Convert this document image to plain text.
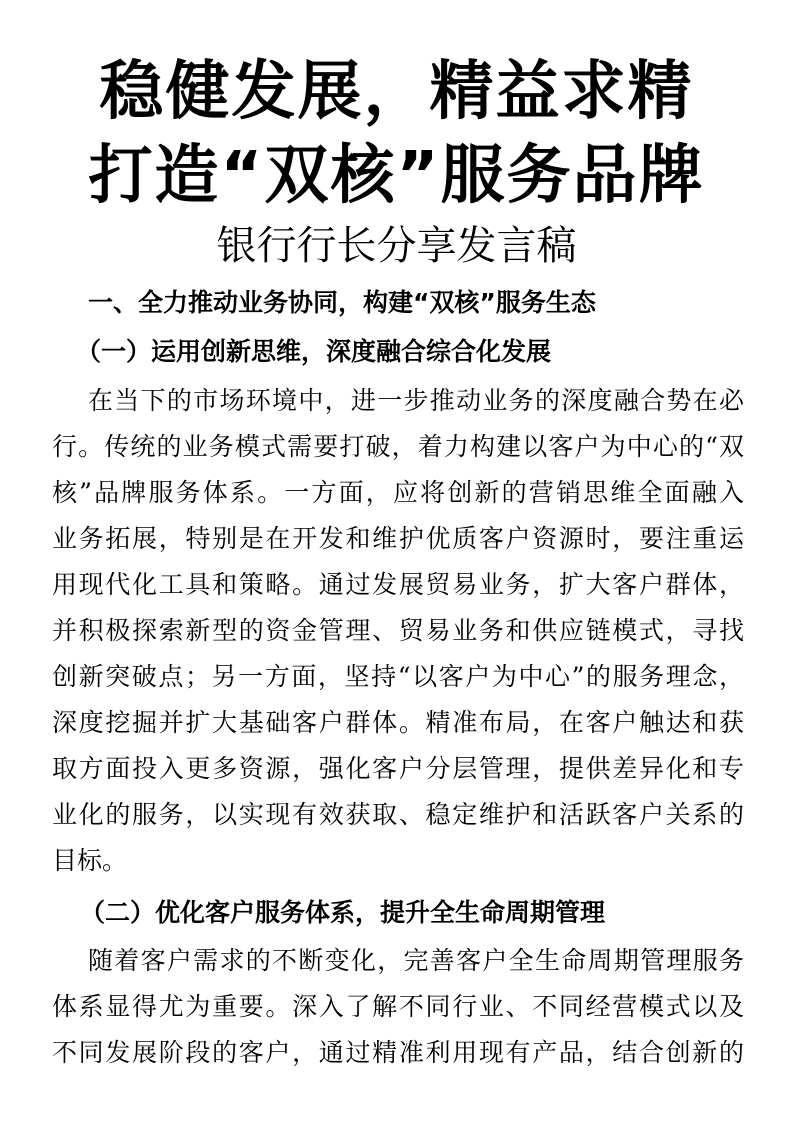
稳健发展，精益求精
打造“双核”服务品牌
银行行长分享发言稿
一、全力推动业务协同，构建“双核”服务生态
（一）运用创新思维，深度融合综合化发展
在当下的市场环境中，进一步推动业务的深度融合势在必
行。传统的业务模式需要打破，着力构建以客户为中心的“双
核”品牌服务体系。一方面，应将创新的营销思维全面融入
业务拓展，特别是在开发和维护优质客户资源时，要注重运
用现代化工具和策略。通过发展贸易业务，扩大客户群体，
并积极探索新型的资金管理、贸易业务和供应链模式，寻找
创新突破点；另一方面，坚持“以客户为中心”的服务理念，
深度挖掘并扩大基础客户群体。精准布局，在客户触达和获
取方面投入更多资源，强化客户分层管理，提供差异化和专
业化的服务，以实现有效获取、稳定维护和活跃客户关系的
目标。
（二）优化客户服务体系，提升全生命周期管理
随着客户需求的不断变化，完善客户全生命周期管理服务
体系显得尤为重要。深入了解不同行业、不同经营模式以及
不同发展阶段的客户，通过精准利用现有产品，结合创新的
